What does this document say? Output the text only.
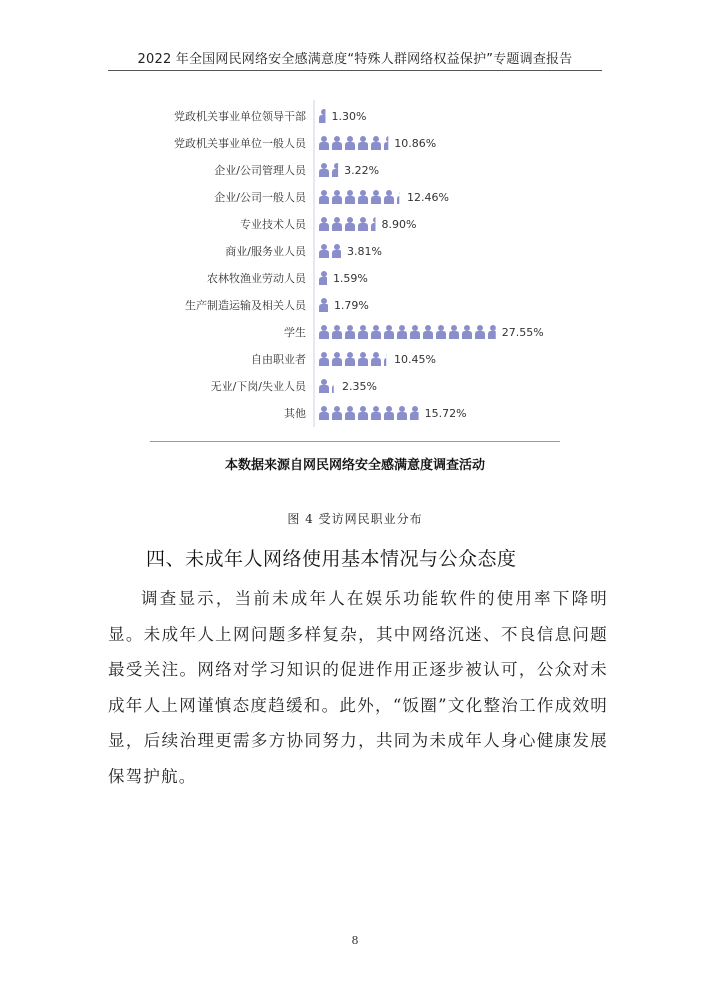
2022 年全国网民网络安全感满意度“特殊人群网络权益保护”专题调查报告
党政机关事业单位领导干部 1.30%
党政机关事业单位一般人员	10.86%
企业/公司管理人员	3.22%
企业/公司一般人员	12.46%
专业技术人员	8.90%
商业/服务业人员	3.81%
农林牧渔业劳动人员 1.59%
生产制造运输及相关人员	1.79%
学生	27.55%
自由职业者	10.45%
无业/下岗/失业人员	2.35%
其他	15.72%
本数据来源自网民网络安全感满意度调查活动
图 4 受访网民职业分布
四、未成年人网络使用基本情况与公众态度
调查显示，当前未成年人在娱乐功能软件的使用率下降明显。未成年人上网问题多样复杂，其中网络沉迷、不良信息问题最受关注。网络对学习知识的促进作用正逐步被认可，公众对未成年人上网谨慎态度趋缓和。此外，“饭圈”文化整治工作成效明显，后续治理更需多方协同努力，共同为未成年人身心健康发展保驾护航。
8
